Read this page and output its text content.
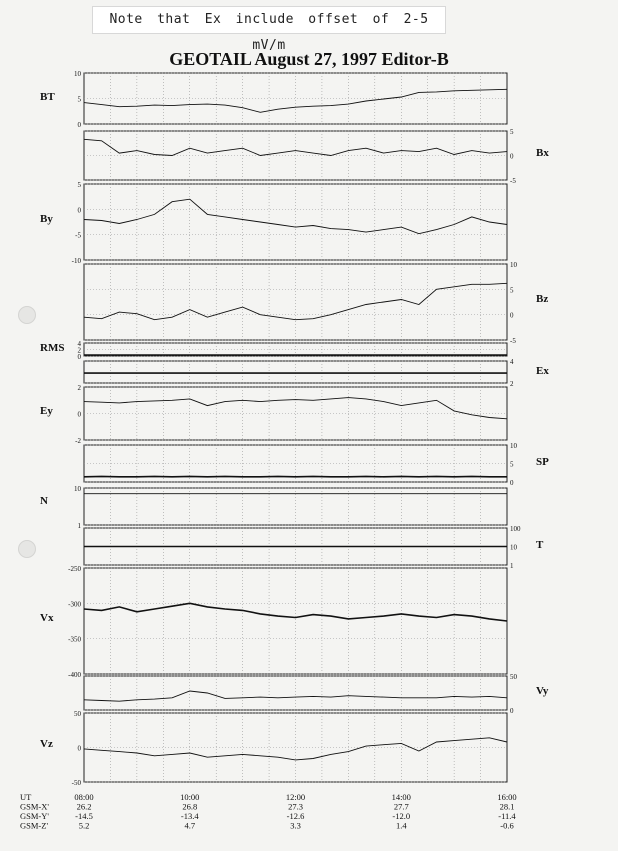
Note that Ex include offset of 2-5 mV/m
GEOTAIL August 27, 1997 Editor-B
10
5
0
BT
5
0
-5
Bx
5
0
-5
-10
By
10
5
0
-5
Bz
4
2
0
RMS
4
2
Ex
2
0
-2
Ey
10
5
0
SP
10
1
N
100
10
1
T
-250
-300
-350
-400
Vx
50
0
Vy
50
0
-50
Vz
UT	08:00	10:00	12:00	14:00	16:00
GSM-X'	26.2	26.8	27.3	27.7	28.1
GSM-Y'	-14.5	-13.4	-12.6	-12.0	-11.4
GSM-Z'	5.2	4.7	3.3	1.4	-0.6
